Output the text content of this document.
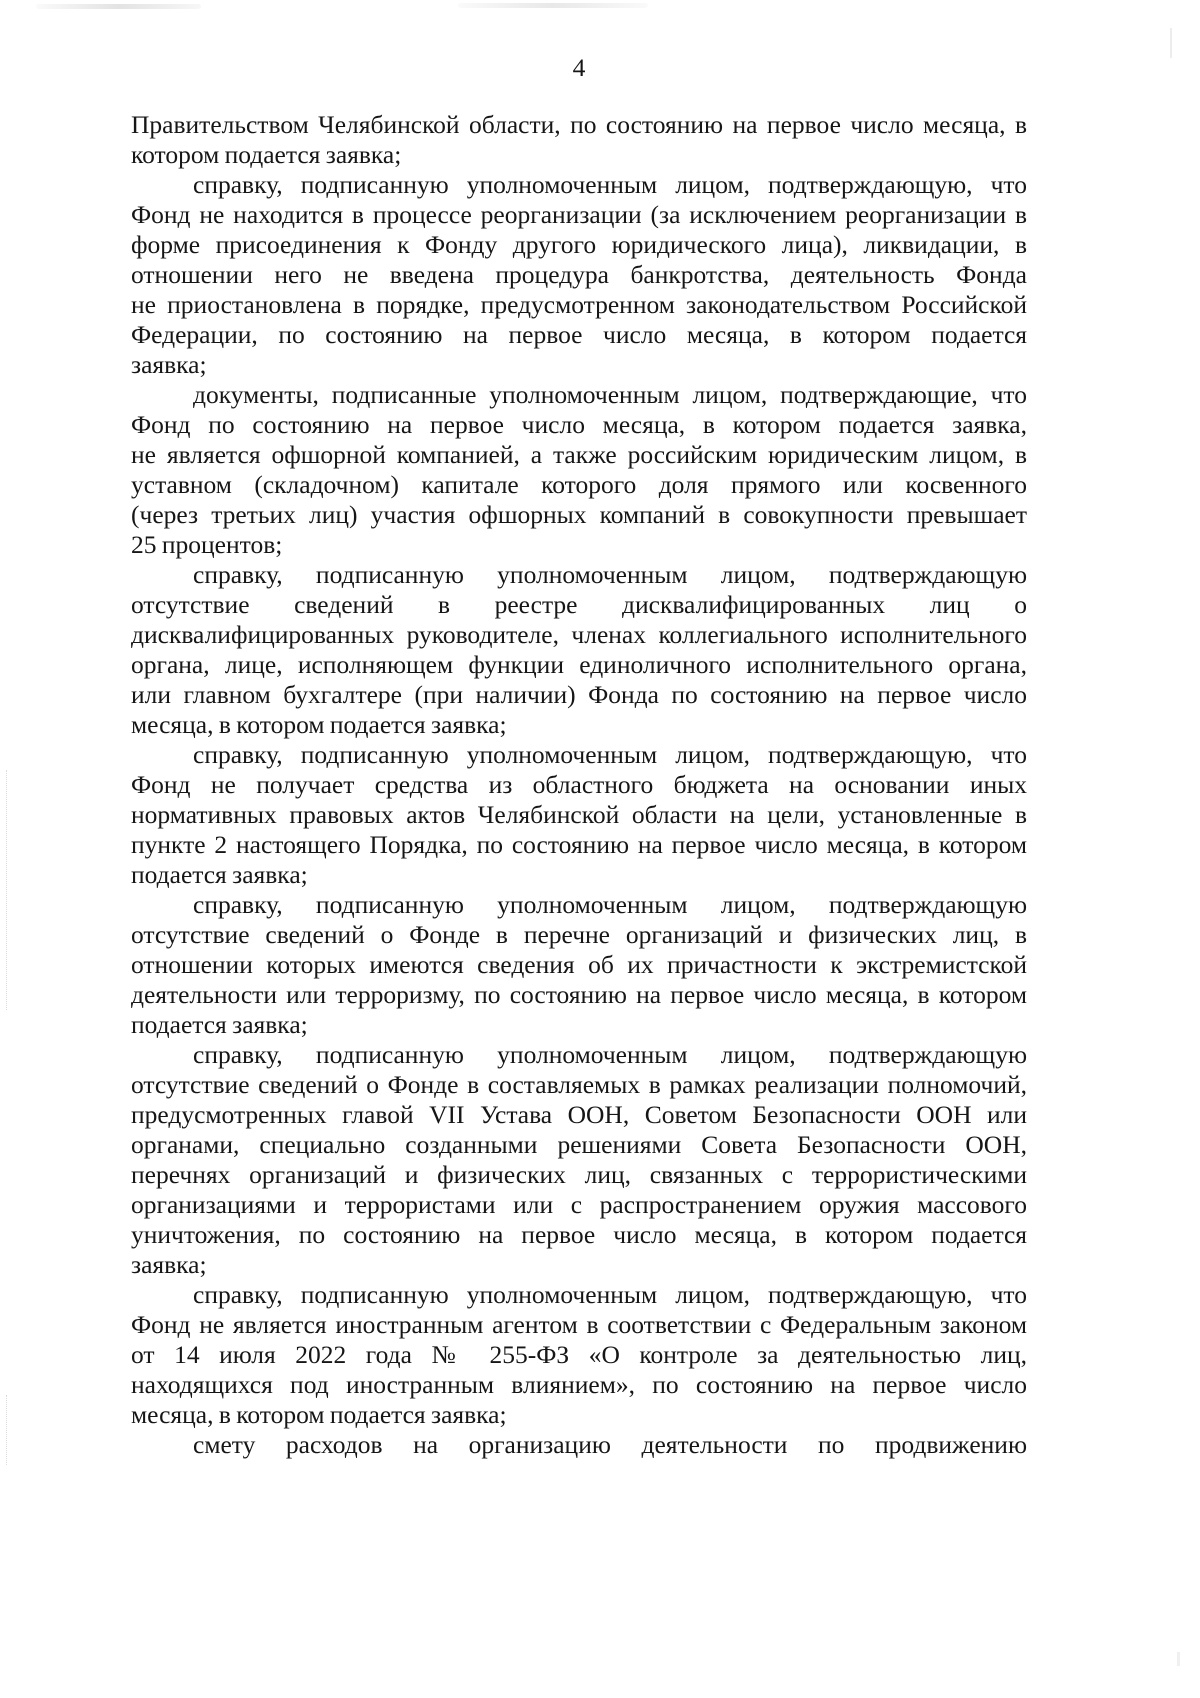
4
Правительством Челябинской области, по состоянию на первое число месяца, в
котором подается заявка;
справку, подписанную уполномоченным лицом, подтверждающую, что
Фонд не находится в процессе реорганизации (за исключением реорганизации в
форме присоединения к Фонду другого юридического лица), ликвидации, в
отношении него не введена процедура банкротства, деятельность Фонда
не приостановлена в порядке, предусмотренном законодательством Российской
Федерации, по состоянию на первое число месяца, в котором подается
заявка;
документы, подписанные уполномоченным лицом, подтверждающие, что
Фонд по состоянию на первое число месяца, в котором подается заявка,
не является офшорной компанией, а также российским юридическим лицом, в
уставном (складочном) капитале которого доля прямого или косвенного
(через третьих лиц) участия офшорных компаний в совокупности превышает
25 процентов;
справку, подписанную уполномоченным лицом, подтверждающую
отсутствие сведений в реестре дисквалифицированных лиц о
дисквалифицированных руководителе, членах коллегиального исполнительного
органа, лице, исполняющем функции единоличного исполнительного органа,
или главном бухгалтере (при наличии) Фонда по состоянию на первое число
месяца, в котором подается заявка;
справку, подписанную уполномоченным лицом, подтверждающую, что
Фонд не получает средства из областного бюджета на основании иных
нормативных правовых актов Челябинской области на цели, установленные в
пункте 2 настоящего Порядка, по состоянию на первое число месяца, в котором
подается заявка;
справку, подписанную уполномоченным лицом, подтверждающую
отсутствие сведений о Фонде в перечне организаций и физических лиц, в
отношении которых имеются сведения об их причастности к экстремистской
деятельности или терроризму, по состоянию на первое число месяца, в котором
подается заявка;
справку, подписанную уполномоченным лицом, подтверждающую
отсутствие сведений о Фонде в составляемых в рамках реализации полномочий,
предусмотренных главой VII Устава ООН, Советом Безопасности ООН или
органами, специально созданными решениями Совета Безопасности ООН,
перечнях организаций и физических лиц, связанных с террористическими
организациями и террористами или с распространением оружия массового
уничтожения, по состоянию на первое число месяца, в котором подается
заявка;
справку, подписанную уполномоченным лицом, подтверждающую, что
Фонд не является иностранным агентом в соответствии с Федеральным законом
от 14 июля 2022 года № 255-ФЗ «О контроле за деятельностью лиц,
находящихся под иностранным влиянием», по состоянию на первое число
месяца, в котором подается заявка;
смету расходов на организацию деятельности по продвижению
